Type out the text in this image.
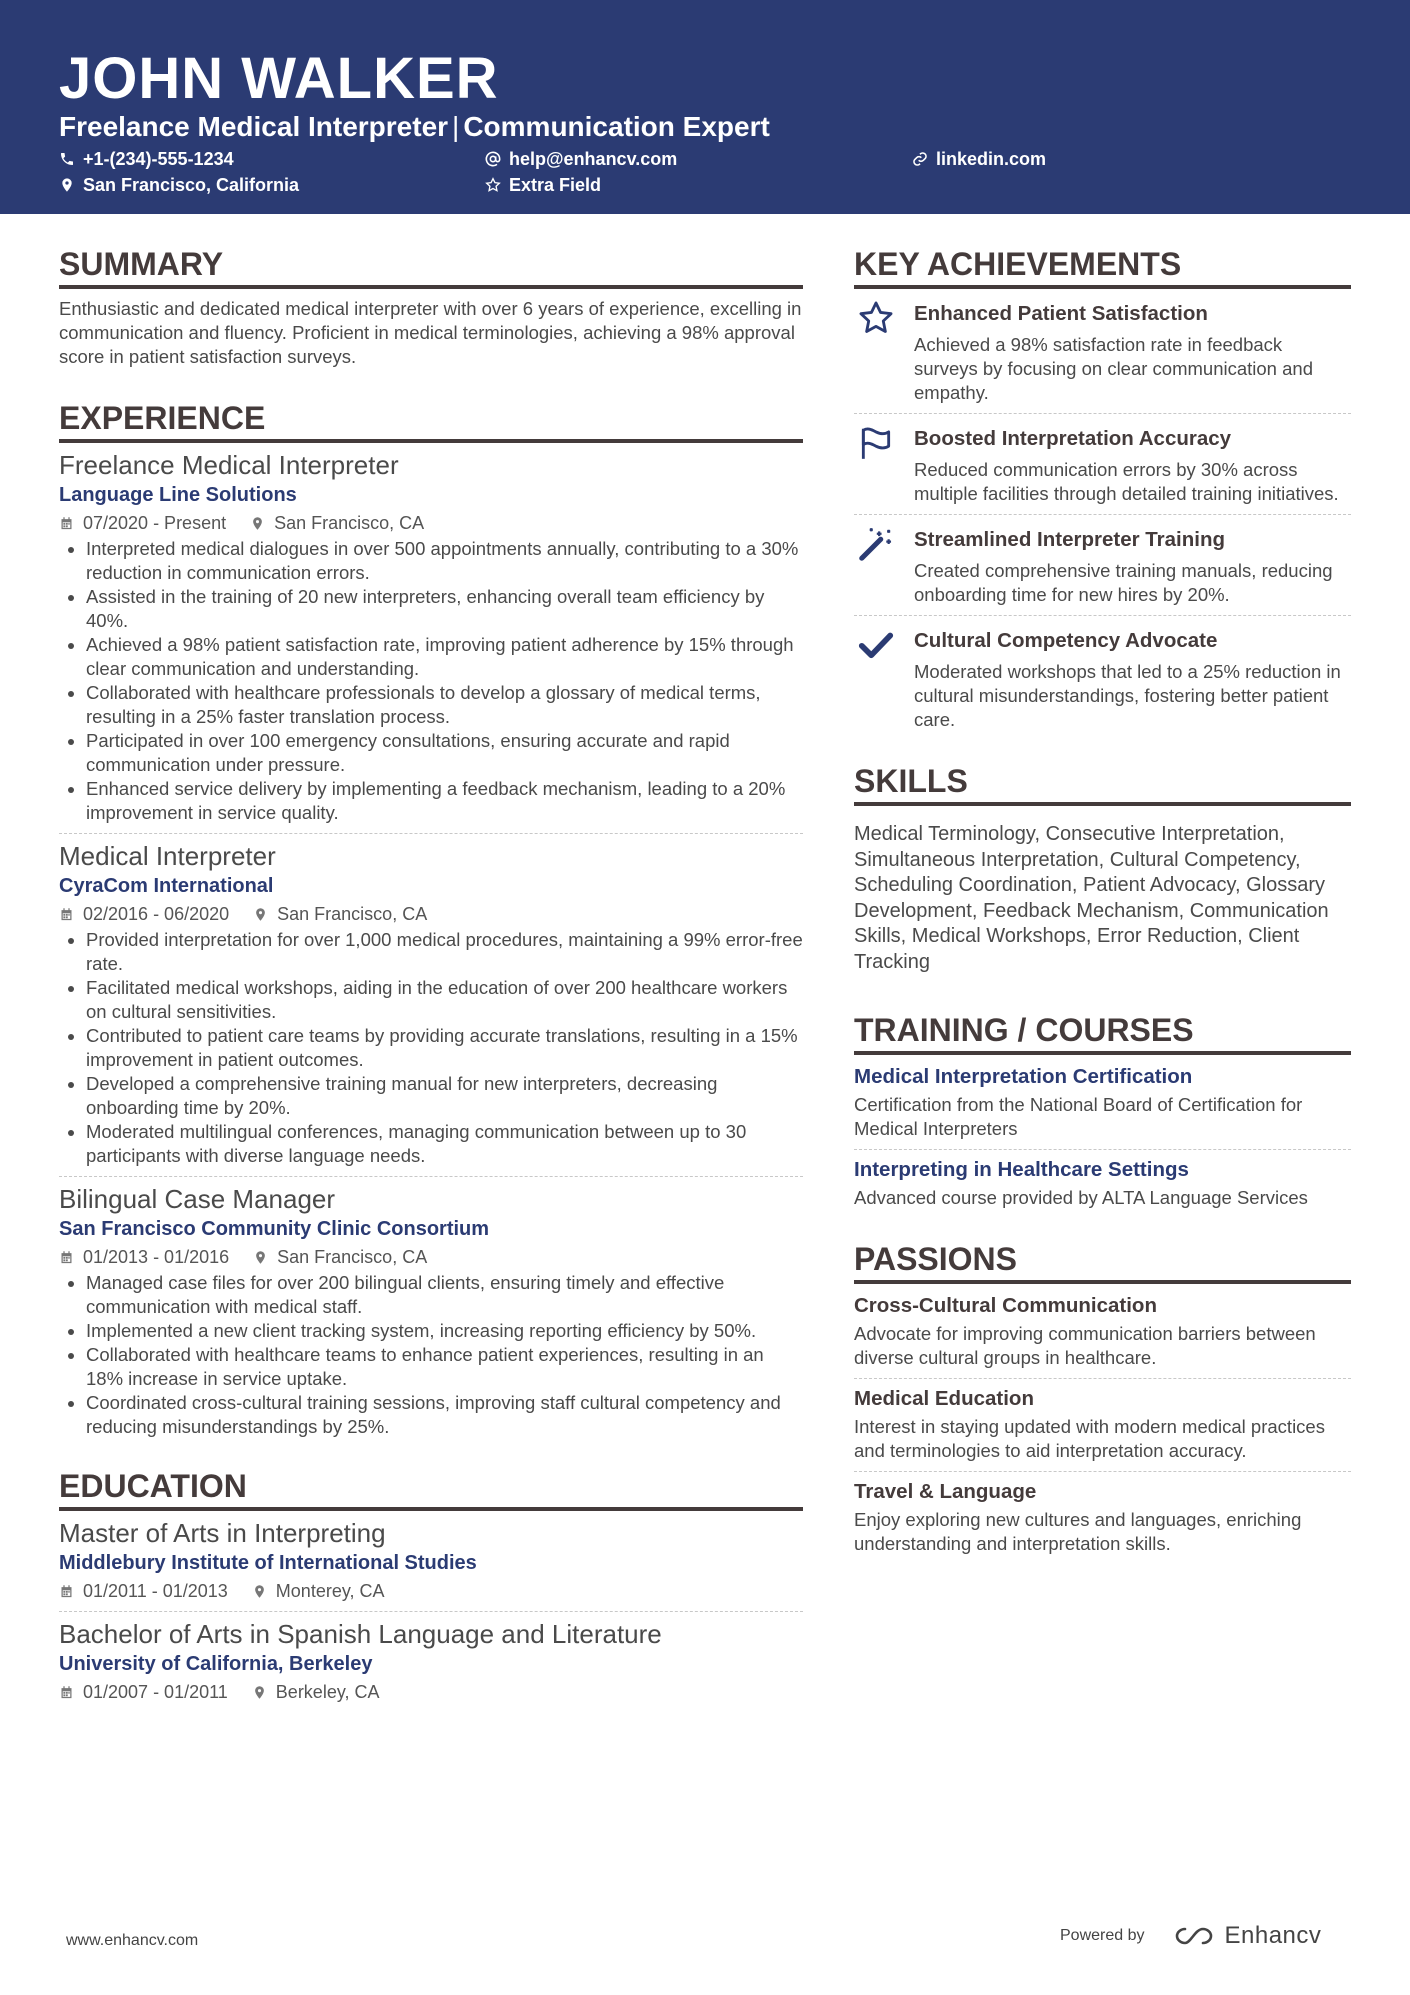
JOHN WALKER
Freelance Medical Interpreter | Communication Expert
+1-(234)-555-1234	help@enhancv.com	linkedin.com
San Francisco, California	Extra Field
SUMMARY

Enthusiastic and dedicated medical interpreter with over 6 years of experience, excelling in communication and fluency. Proficient in medical terminologies, achieving a 98% approval score in patient satisfaction surveys.

EXPERIENCE

Freelance Medical Interpreter

Language Line Solutions

07/2020 - Present	San Francisco, CA
• Interpreted medical dialogues in over 500 appointments annually, contributing to a 30% reduction in communication errors.
• Assisted in the training of 20 new interpreters, enhancing overall team efficiency by 40%.
• Achieved a 98% patient satisfaction rate, improving patient adherence by 15% through clear communication and understanding.
• Collaborated with healthcare professionals to develop a glossary of medical terms, resulting in a 25% faster translation process.
• Participated in over 100 emergency consultations, ensuring accurate and rapid communication under pressure.
• Enhanced service delivery by implementing a feedback mechanism, leading to a 20% improvement in service quality.

Medical Interpreter

CyraCom International

02/2016 - 06/2020	San Francisco, CA
• Provided interpretation for over 1,000 medical procedures, maintaining a 99% error-free rate.
• Facilitated medical workshops, aiding in the education of over 200 healthcare workers on cultural sensitivities.
• Contributed to patient care teams by providing accurate translations, resulting in a 15% improvement in patient outcomes.
• Developed a comprehensive training manual for new interpreters, decreasing onboarding time by 20%.
• Moderated multilingual conferences, managing communication between up to 30 participants with diverse language needs.

Bilingual Case Manager

San Francisco Community Clinic Consortium

01/2013 - 01/2016	San Francisco, CA
• Managed case files for over 200 bilingual clients, ensuring timely and effective communication with medical staff.
• Implemented a new client tracking system, increasing reporting efficiency by 50%.
• Collaborated with healthcare teams to enhance patient experiences, resulting in an 18% increase in service uptake.
• Coordinated cross-cultural training sessions, improving staff cultural competency and reducing misunderstandings by 25%.
EDUCATION

Master of Arts in Interpreting

Middlebury Institute of International Studies

01/2011 - 01/2013	Monterey, CA

Bachelor of Arts in Spanish Language and Literature

University of California, Berkeley

01/2007 - 01/2011	Berkeley, CA
KEY ACHIEVEMENTS

Enhanced Patient Satisfaction

Achieved a 98% satisfaction rate in feedback surveys by focusing on clear communication and empathy.

Boosted Interpretation Accuracy

Reduced communication errors by 30% across multiple facilities through detailed training initiatives.

Streamlined Interpreter Training

Created comprehensive training manuals, reducing onboarding time for new hires by 20%.

Cultural Competency Advocate

Moderated workshops that led to a 25% reduction in cultural misunderstandings, fostering better patient care.

SKILLS

Medical Terminology, Consecutive Interpretation, Simultaneous Interpretation, Cultural Competency, Scheduling Coordination, Patient Advocacy, Glossary Development, Feedback Mechanism, Communication Skills, Medical Workshops, Error Reduction, Client Tracking

TRAINING / COURSES

Medical Interpretation Certification

Certification from the National Board of Certification for Medical Interpreters

Interpreting in Healthcare Settings

Advanced course provided by ALTA Language Services

PASSIONS

Cross-Cultural Communication

Advocate for improving communication barriers between diverse cultural groups in healthcare.

Medical Education

Interest in staying updated with modern medical practices and terminologies to aid interpretation accuracy.

Travel & Language

Enjoy exploring new cultures and languages, enriching understanding and interpretation skills.

www.enhancv.com	Powered by	Enhancv
